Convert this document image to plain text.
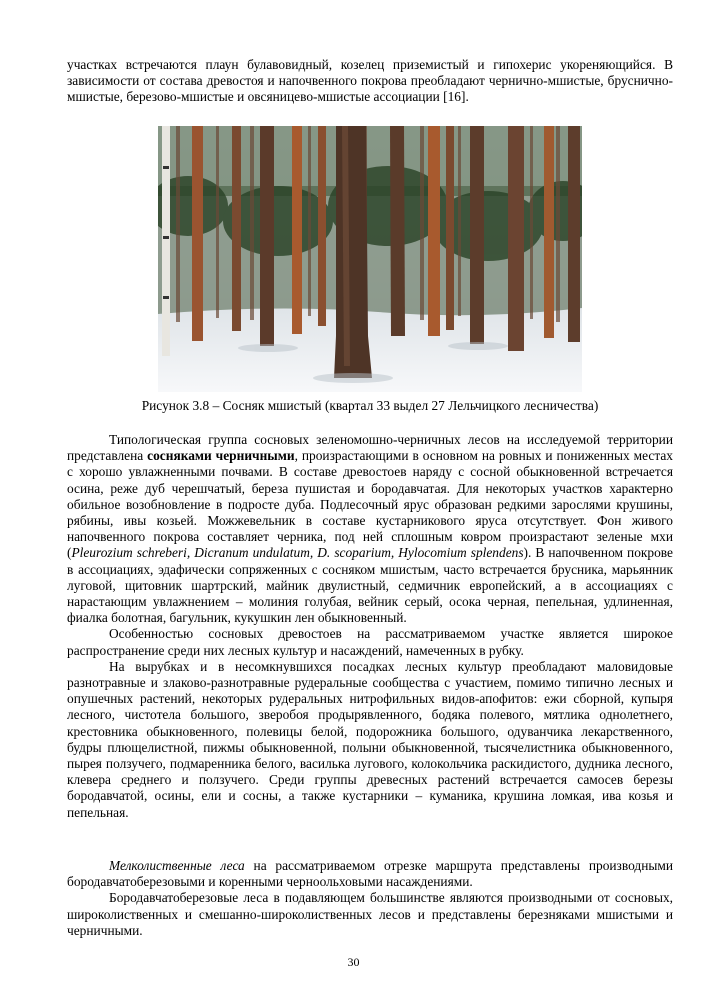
участках встречаются плаун булавовидный, козелец приземистый и гипохерис укореняющийся. В зависимости от состава древостоя и напочвенного покрова преобладают чернично-мшистые, бруснично-мшистые, березово-мшистые и овсяницево-мшистые ассоциации [16].

Рисунок 3.8 – Сосняк мшистый (квартал 33 выдел 27 Лельчицкого лесничества)

Типологическая группа сосновых зеленомошно-черничных лесов на исследуемой территории представлена сосняками черничными, произрастающими в основном на ровных и пониженных местах с хорошо увлажненными почвами. В составе древостоев наряду с сосной обыкновенной встречается осина, реже дуб черешчатый, береза пушистая и бородавчатая. Для некоторых участков характерно обильное возобновление в подросте дуба. Подлесочный ярус образован редкими зарослями крушины, рябины, ивы козьей. Можжевельник в составе кустарникового яруса отсутствует. Фон живого напочвенного покрова составляет черника, под ней сплошным ковром произрастают зеленые мхи (Pleurozium schreberi, Dicranum undulatum, D. scoparium, Hylocomium splendens). В напочвенном покрове в ассоциациях, эдафически сопряженных с сосняком мшистым, часто встречается брусника, марьянник луговой, щитовник шартрский, майник двулистный, седмичник европейский, а в ассоциациях с нарастающим увлажнением – молиния голубая, вейник серый, осока черная, пепельная, удлиненная, фиалка болотная, багульник, кукушкин лен обыкновенный.

Особенностью сосновых древостоев на рассматриваемом участке является широкое распространение среди них лесных культур и насаждений, намеченных в рубку.

На вырубках и в несомкнувшихся посадках лесных культур преобладают маловидовые разнотравные и злаково-разнотравные рудеральные сообщества с участием, помимо типично лесных и опушечных растений, некоторых рудеральных нитрофильных видов-апофитов: ежи сборной, купыря лесного, чистотела большого, зверобоя продырявленного, бодяка полевого, мятлика однолетнего, крестовника обыкновенного, полевицы белой, подорожника большого, одуванчика лекарственного, будры плющелистной, пижмы обыкновенной, полыни обыкновенной, тысячелистника обыкновенного, пырея ползучего, подмаренника белого, василька лугового, колокольчика раскидистого, дудника лесного, клевера среднего и ползучего. Среди группы древесных растений встречается самосев березы бородавчатой, осины, ели и сосны, а также кустарники – куманика, крушина ломкая, ива козья и пепельная.

Мелколиственные леса на рассматриваемом отрезке маршрута представлены производными бородавчатоберезовыми и коренными черноольховыми насаждениями.

Бородавчатоберезовые леса в подавляющем большинстве являются производными от сосновых, широколиственных и смешанно-широколиственных лесов и представлены березняками мшистыми и черничными.

30
